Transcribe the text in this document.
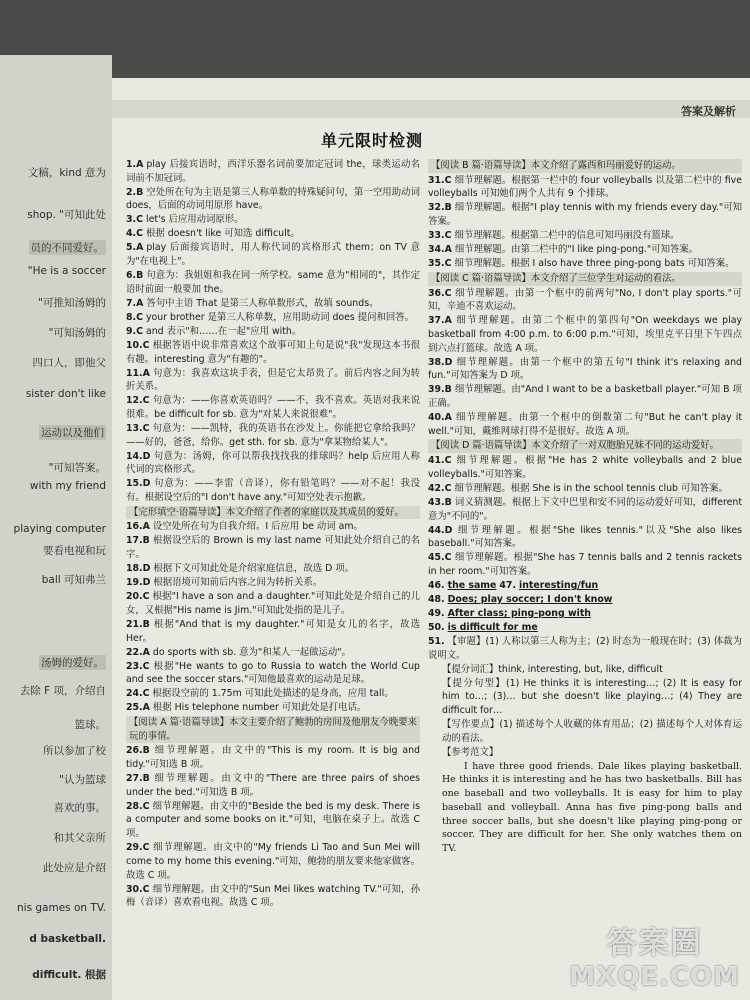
文稿，kind 意为
shop. "可知此处
员的不同爱好。
"He is a soccer
"可推知汤姆的
"可知汤姆的
四口人，即他父
sister don't like
运动以及他们
"可知答案。
with my friend
playing computer
要看电视和玩
ball 可知弗兰
汤姆的爱好。
去除 F 项，介绍自
篮球。
所以参加了校
"认为篮球
喜欢的事。
和其父亲所
此处应是介绍
nis games on TV.
d basketball.
difficult. 根据
答案及解析
单元限时检测
1.A play 后接宾语时，西洋乐器名词前要加定冠词 the，球类运动名词前不加冠词。
2.B 空处所在句为主语是第三人称单数的特殊疑问句，第一空用助动词 does，后面的动词用原形 have。
3.C let's 后应用动词原形。
4.C 根据 doesn't like 可知选 difficult。
5.A play 后面接宾语时，用人称代词的宾格形式 them；on TV 意为"在电视上"。
6.B 句意为：我姐姐和我在同一所学校。same 意为"相同的"，其作定语时前面一般要加 the。
7.A 答句中主语 That 是第三人称单数形式，故填 sounds。
8.C your brother 是第三人称单数，应用助动词 does 提问和回答。
9.C and 表示"和……在一起"应用 with。
10.C 根据答语中说非常喜欢这个故事可知上句是说"我"发现这本书很有趣。interesting 意为"有趣的"。
11.A 句意为：我喜欢这块手表，但是它太昂贵了。前后内容之间为转折关系。
12.C 句意为：——你喜欢英语吗？——不，我不喜欢。英语对我来说很难。be difficult for sb. 意为"对某人来说很难"。
13.C 句意为：——凯特，我的英语书在沙发上。你能把它拿给我吗？——好的，爸爸，给你。get sth. for sb. 意为"拿某物给某人"。
14.D 句意为：汤姆，你可以帮我找找我的排球吗？help 后应用人称代词的宾格形式。
15.D 句意为：——李雷（音译），你有铅笔吗？——对不起！我没有。根据设空后的"I don't have any."可知空处表示抱歉。
【完形填空·语篇导读】本文介绍了作者的家庭以及其成员的爱好。
16.A 设空处所在句为自我介绍。I 后应用 be 动词 am。
17.B 根据设空后的 Brown is my last name 可知此处介绍自己的名字。
18.D 根据下文可知此处是介绍家庭信息，故选 D 项。
19.D 根据语境可知前后内容之间为转折关系。
20.C 根据"I have a son and a daughter."可知此处是介绍自己的儿女，又根据"His name is Jim."可知此处指的是儿子。
21.B 根据"And that is my daughter."可知是女儿的名字，故选 Her。
22.A do sports with sb. 意为"和某人一起做运动"。
23.C 根据"He wants to go to Russia to watch the World Cup and see the soccer stars."可知他最喜欢的运动是足球。
24.C 根据设空前的 1.75m 可知此处描述的是身高，应用 tall。
25.A 根据 His telephone number 可知此处是打电话。
【阅读 A 篇·语篇导读】本文主要介绍了鲍勃的房间及他朋友今晚要来玩的事情。
26.B 细节理解题。由文中的"This is my room. It is big and tidy."可知选 B 项。
27.B 细节理解题。由文中的"There are three pairs of shoes under the bed."可知选 B 项。
28.C 细节理解题。由文中的"Beside the bed is my desk. There is a computer and some books on it."可知，电脑在桌子上。故选 C 项。
29.C 细节理解题。由文中的"My friends Li Tao and Sun Mei will come to my home this evening."可知，鲍勃的朋友要来他家做客。故选 C 项。
30.C 细节理解题。由文中的"Sun Mei likes watching TV."可知，孙梅（音译）喜欢看电视。故选 C 项。
【阅读 B 篇·语篇导读】本文介绍了露西和玛丽爱好的运动。
31.C 细节理解题。根据第一栏中的 four volleyballs 以及第二栏中的 five volleyballs 可知她们两个人共有 9 个排球。
32.B 细节理解题。根据"I play tennis with my friends every day."可知答案。
33.C 细节理解题。根据第二栏中的信息可知玛丽没有篮球。
34.A 细节理解题。由第二栏中的"I like ping-pong."可知答案。
35.C 细节理解题。根据 I also have three ping-pong bats 可知答案。
【阅读 C 篇·语篇导读】本文介绍了三位学生对运动的看法。
36.C 细节理解题。由第一个框中的前两句"No, I don't play sports."可知，辛迪不喜欢运动。
37.A 细节理解题。由第二个框中的第四句"On weekdays we play basketball from 4:00 p.m. to 6:00 p.m."可知，埃里克平日里下午四点到六点打篮球。故选 A 项。
38.D 细节理解题。由第一个框中的第五句"I think it's relaxing and fun."可知答案为 D 项。
39.B 细节理解题。由"And I want to be a basketball player."可知 B 项正确。
40.A 细节理解题。由第一个框中的倒数第二句"But he can't play it well."可知，戴维网球打得不是很好。故选 A 项。
【阅读 D 篇·语篇导读】本文介绍了一对双胞胎兄妹不同的运动爱好。
41.C 细节理解题。根据"He has 2 white volleyballs and 2 blue volleyballs."可知答案。
42.C 细节理解题。根据 She is in the school tennis club 可知答案。
43.B 词义猜测题。根据上下文中巴里和安不同的运动爱好可知，different 意为"不同的"。
44.D 细节理解题。根据"She likes tennis."以及"She also likes baseball."可知答案。
45.C 细节理解题。根据"She has 7 tennis balls and 2 tennis rackets in her room."可知答案。
46. the same 47. interesting/fun
48. Does; play soccer; I don't know
49. After class; ping-pong with
50. is difficult for me
51. 【审题】(1) 人称以第三人称为主；(2) 时态为一般现在时；(3) 体裁为说明文。
【提分词汇】think, interesting, but, like, difficult
【提分句型】(1) He thinks it is interesting…; (2) It is easy for him to…; (3)… but she doesn't like playing…; (4) They are difficult for…
【写作要点】(1) 描述每个人收藏的体育用品；(2) 描述每个人对体育运动的看法。
【参考范文】
I have three good friends. Dale likes playing basketball. He thinks it is interesting and he has two basketballs. Bill has one baseball and two volleyballs. It is easy for him to play baseball and volleyball. Anna has five ping-pong balls and three soccer balls, but she doesn't like playing ping-pong or soccer. They are difficult for her. She only watches them on TV.
答案圈
MXQE.COM
